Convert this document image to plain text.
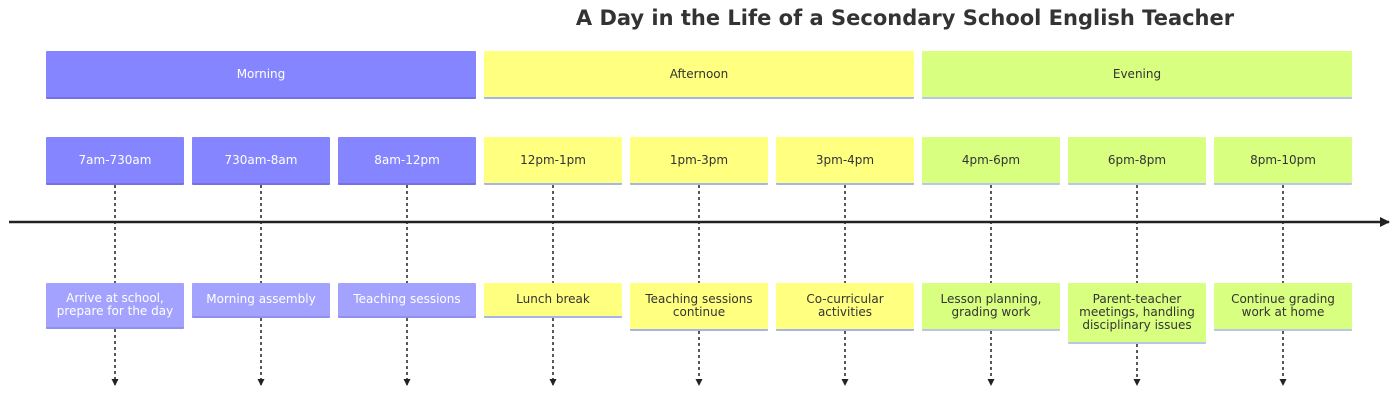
A Day in the Life of a Secondary School English Teacher
Morning
7am-730am
Arrive at school, prepare for the day
730am-8am
Morning assembly
8am-12pm
Teaching sessions
Afternoon
12pm-1pm
Lunch break
1pm-3pm
Teaching sessions continue
3pm-4pm
Co-curricular activities
Evening
4pm-6pm
Lesson planning, grading work
6pm-8pm
Parent-teacher meetings, handling disciplinary issues
8pm-10pm
Continue grading work at home
